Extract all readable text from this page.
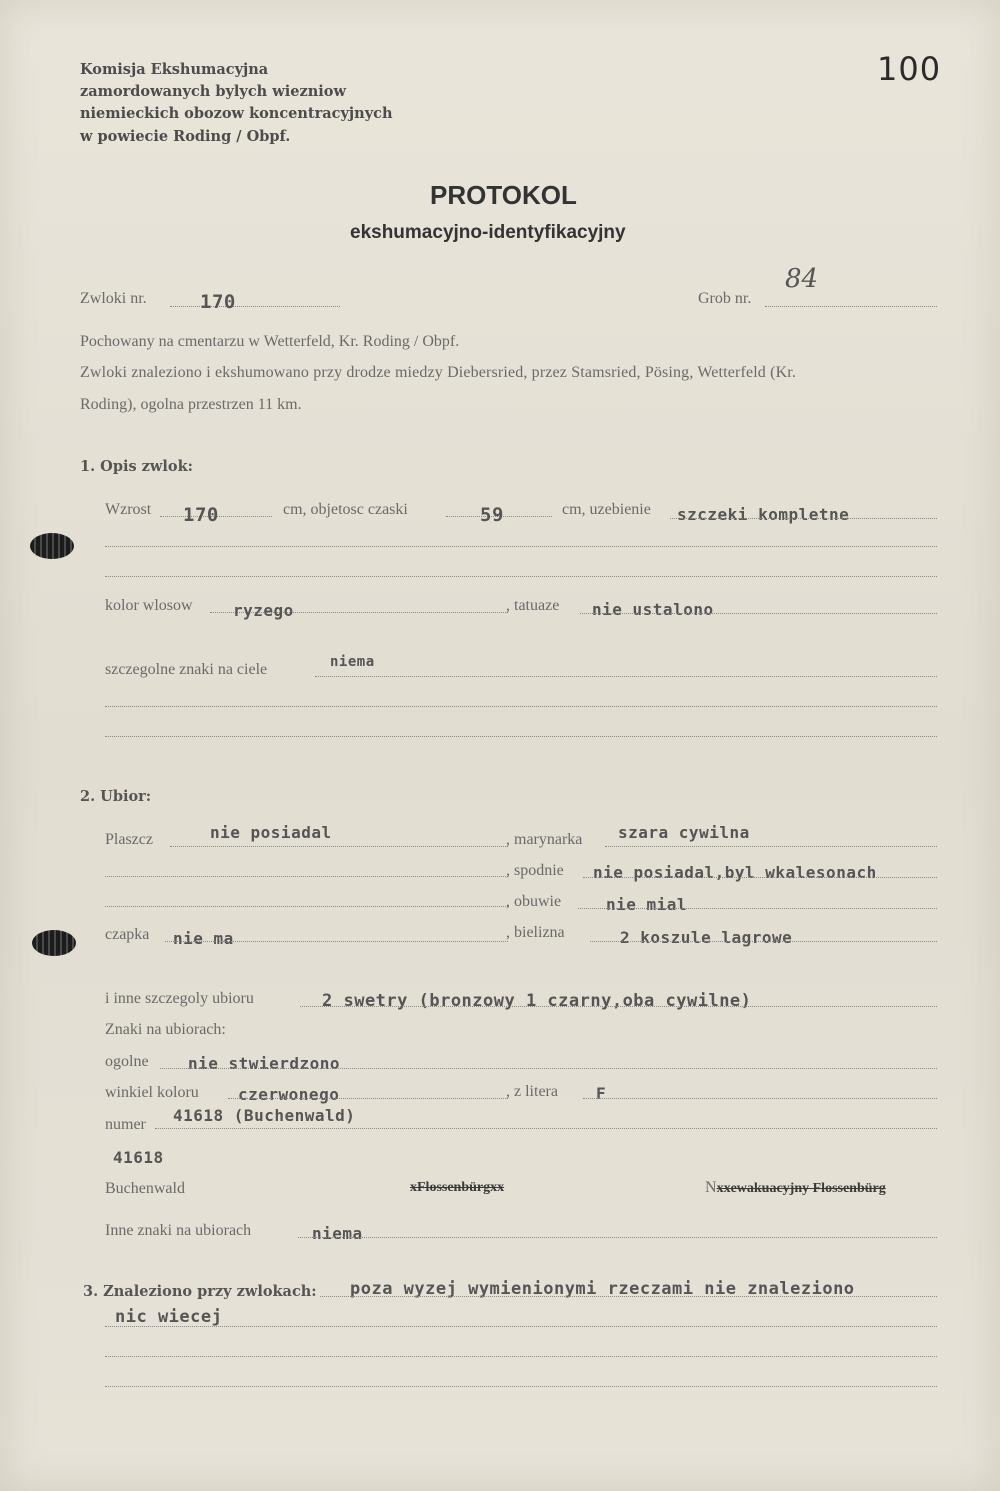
Komisja Ekshumacyjna
zamordowanych bylych wiezniow
niemieckich obozow koncentracyjnych
w powiecie Roding / Obpf.
100
PROTOKOL
ekshumacyjno-identyfikacyjny
Zwloki nr.	170	Grob nr.
84
Pochowany na cmentarzu w Wetterfeld, Kr. Roding / Obpf.
Zwloki znaleziono i ekshumowano przy drodze miedzy Diebersried, przez Stamsried, Pösing, Wetterfeld (Kr.
Roding), ogolna przestrzen 11 km.
1. Opis zwlok:
Wzrost 170	cm, objetosc czaski	59	cm, uzebienie szczeki kompletne
kolor wlosow	ryzego	, tatuaze nie ustalono
szczegolne znaki na ciele	niema
2. Ubior:
Plaszcz	nie posiadal	, marynarka szara cywilna
, spodnie nie posiadal,byl wkalesonach
, obuwie	nie mial
czapka nie ma	, bielizna	2 koszule lagrowe
i inne szczegoly ubioru	2 swetry (bronzowy 1 czarny,oba cywilne)
Znaki na ubiorach:
ogolne nie stwierdzono
winkiel koloru czerwonego	, z litera F
numer 41618 (Buchenwald)
41618
Buchenwald	xFlossenbürgxx	Nxxewakuacyjny Flossenbürg
Inne znaki na ubiorach	niema
3. Znaleziono przy zwlokach: poza wyzej wymienionymi rzeczami nie znaleziono
nic wiecej
